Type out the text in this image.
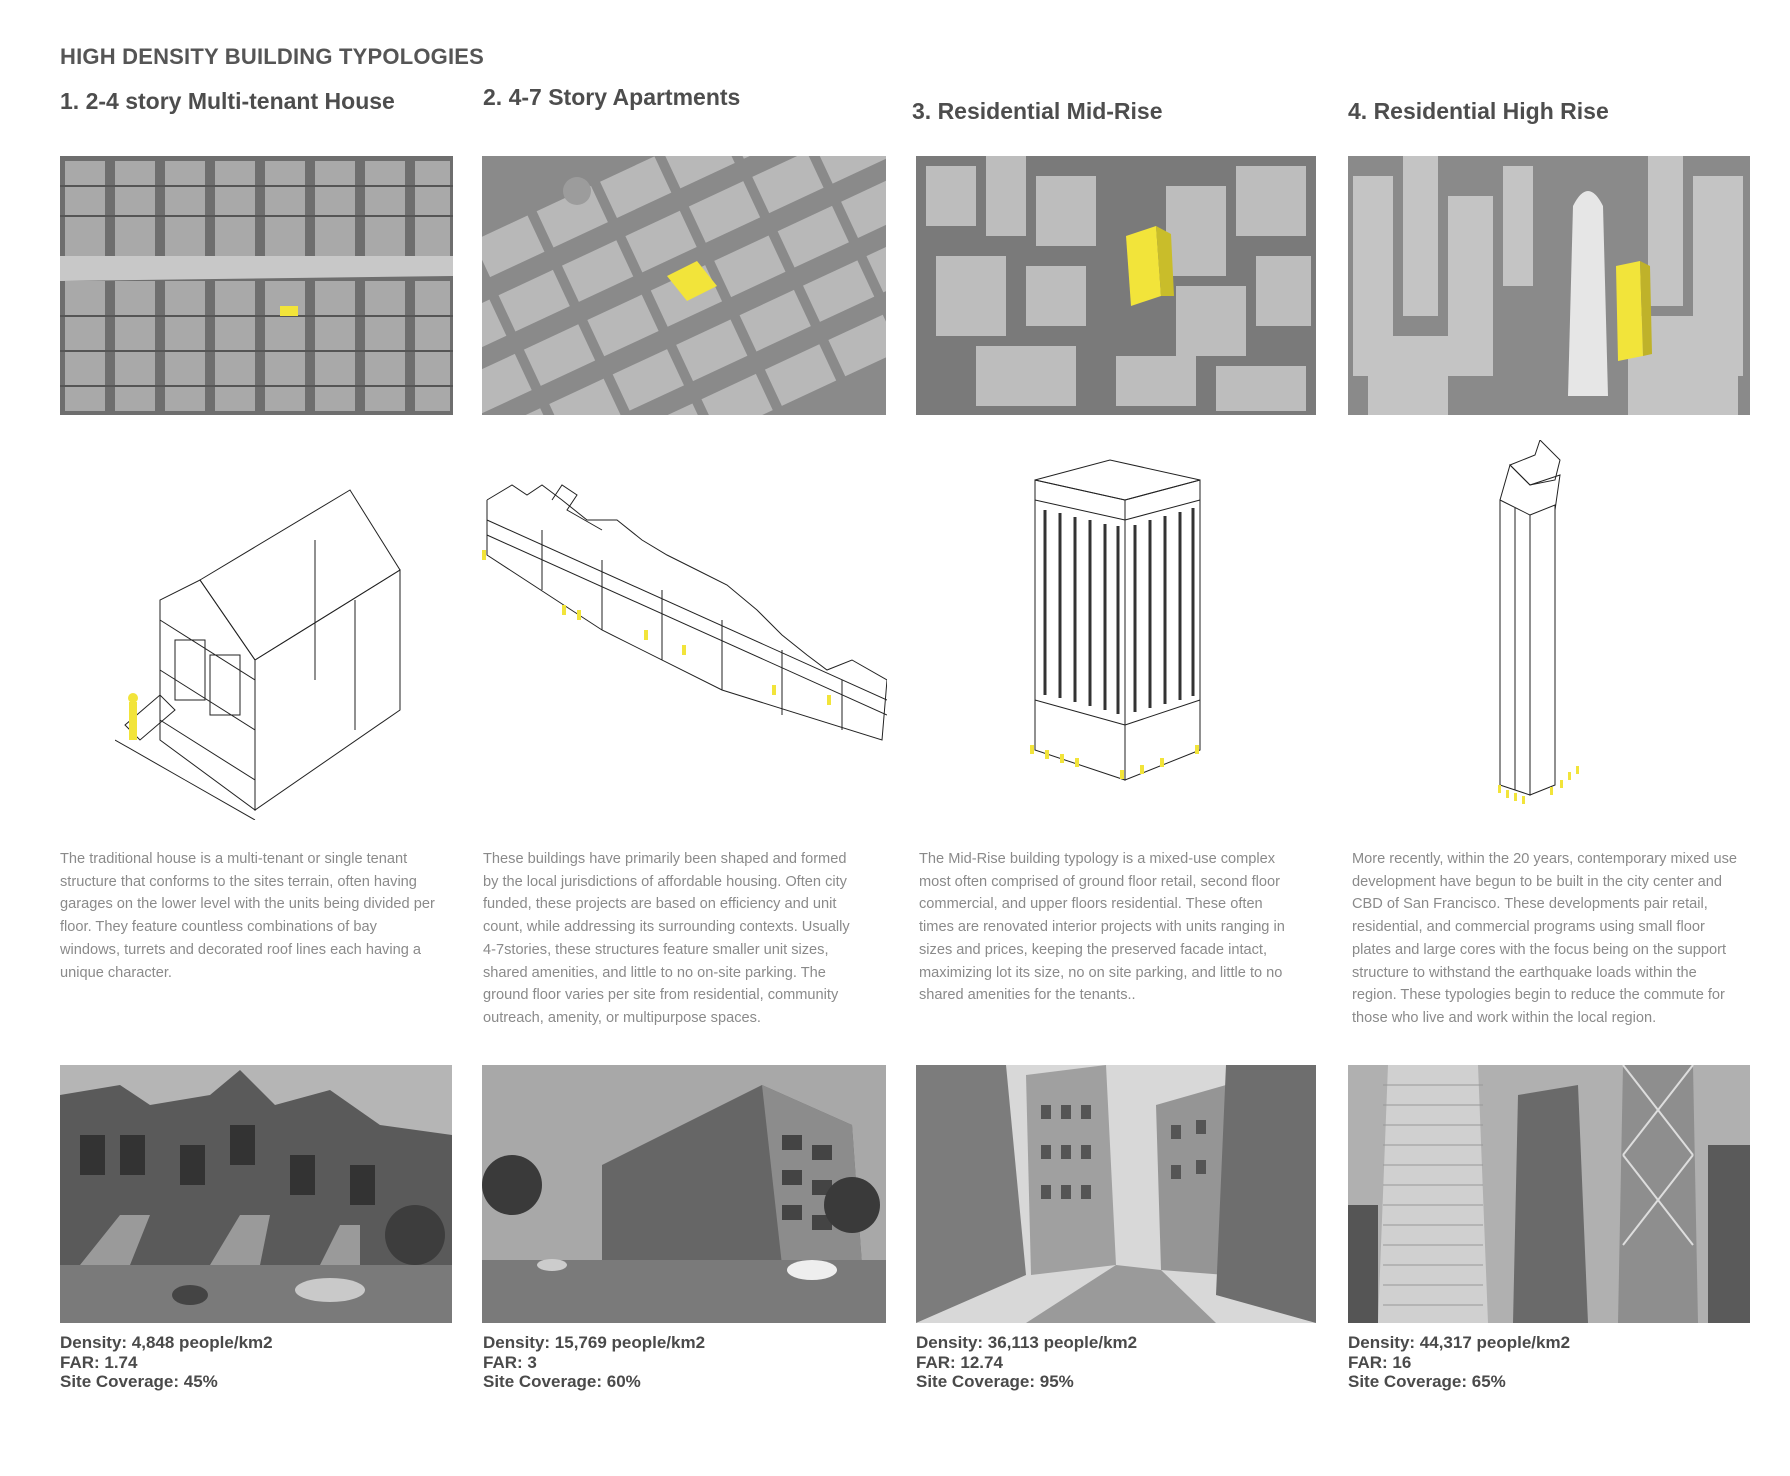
HIGH DENSITY BUILDING TYPOLOGIES
1. 2-4 story Multi-tenant House

The traditional house is a multi-tenant or single tenant structure that conforms to the sites terrain, often having garages on the lower level with the units being divided per floor. They feature countless combinations of bay windows, turrets and decorated roof lines each having a unique character.

Density: 4,848 people/km2
FAR: 1.74
Site Coverage: 45%
2. 4-7 Story Apartments

These buildings have primarily been shaped and formed by the local jurisdictions of affordable housing. Often city funded, these projects are based on efficiency and unit count, while addressing its surrounding contexts. Usually 4-7stories, these structures feature smaller unit sizes, shared amenities, and little to no on-site parking. The ground floor varies per site from residential, community outreach, amenity, or multipurpose spaces.

Density: 15,769 people/km2
FAR: 3
Site Coverage: 60%
3. Residential Mid-Rise

The Mid-Rise building typology is a mixed-use complex most often comprised of ground floor retail, second floor commercial, and upper floors residential. These often times are renovated interior projects with units ranging in sizes and prices, keeping the preserved facade intact, maximizing lot its size, no on site parking, and little to no shared amenities for the tenants..

Density: 36,113 people/km2
FAR: 12.74
Site Coverage: 95%
4. Residential High Rise

More recently, within the 20 years, contemporary mixed use development have begun to be built in the city center and CBD of San Francisco. These developments pair retail, residential, and commercial programs using small floor plates and large cores with the focus being on the support structure to withstand the earthquake loads within the region. These typologies begin to reduce the commute for those who live and work within the local region.

Density: 44,317 people/km2
FAR: 16
Site Coverage: 65%
